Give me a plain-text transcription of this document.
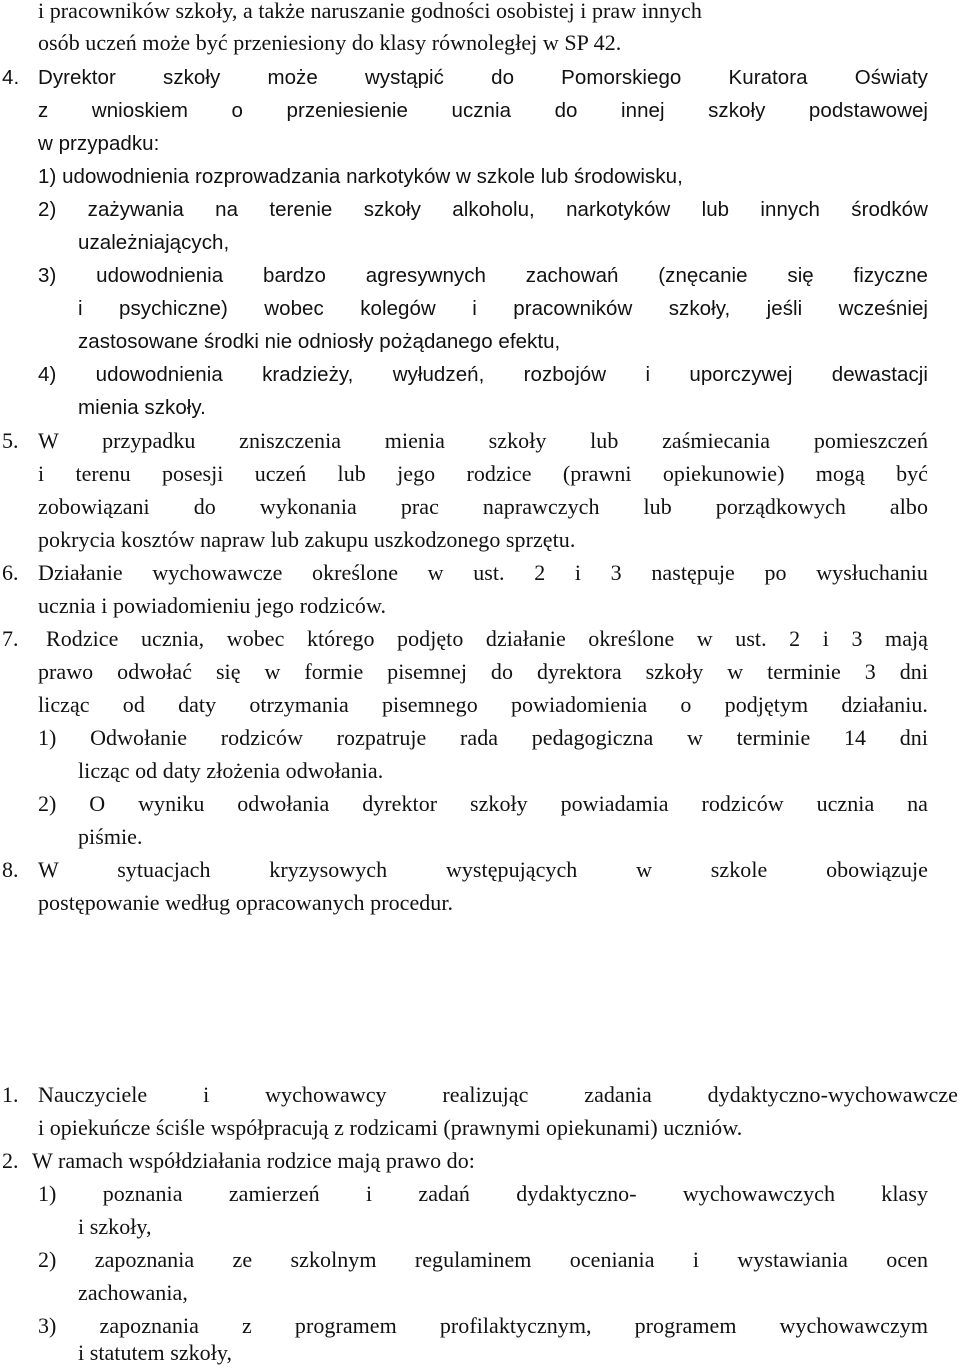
i pracowników szkoły, a także naruszanie godności osobistej i praw innych
osób uczeń może być przeniesiony do klasy równoległej w SP 42.
4. Dyrektor szkoły może wystąpić do Pomorskiego Kuratora Oświaty
z wnioskiem o przeniesienie ucznia do innej szkoły podstawowej
w przypadku:
1) udowodnienia rozprowadzania narkotyków w szkole lub środowisku,
2) zażywania na terenie szkoły alkoholu, narkotyków lub innych środków
uzależniających,
3) udowodnienia bardzo agresywnych zachowań (znęcanie się fizyczne
i psychiczne) wobec kolegów i pracowników szkoły, jeśli wcześniej
zastosowane środki nie odniosły pożądanego efektu,
4) udowodnienia kradzieży, wyłudzeń, rozbojów i uporczywej dewastacji
mienia szkoły.
5. W przypadku zniszczenia mienia szkoły lub zaśmiecania pomieszczeń
i terenu posesji uczeń lub jego rodzice (prawni opiekunowie) mogą być
zobowiązani do wykonania prac naprawczych lub porządkowych albo
pokrycia kosztów napraw lub zakupu uszkodzonego sprzętu.
6. Działanie wychowawcze określone w ust. 2 i 3 następuje po wysłuchaniu
ucznia i powiadomieniu jego rodziców.
7. Rodzice ucznia, wobec którego podjęto działanie określone w ust. 2 i 3 mają
prawo odwołać się w formie pisemnej do dyrektora szkoły w terminie 3 dni
licząc od daty otrzymania pisemnego powiadomienia o podjętym działaniu.
1) Odwołanie rodziców rozpatruje rada pedagogiczna w terminie 14 dni
licząc od daty złożenia odwołania.
2) O wyniku odwołania dyrektor szkoły powiadamia rodziców ucznia na
piśmie.
8. W sytuacjach kryzysowych występujących w szkole obowiązuje
postępowanie według opracowanych procedur.
1. Nauczyciele i wychowawcy realizując zadania dydaktyczno-wychowawcze
i opiekuńcze ściśle współpracują z rodzicami (prawnymi opiekunami) uczniów.
2. W ramach współdziałania rodzice mają prawo do:
1) poznania zamierzeń i zadań dydaktyczno- wychowawczych klasy
i szkoły,
2) zapoznania ze szkolnym regulaminem oceniania i wystawiania ocen
zachowania,
3) zapoznania z programem profilaktycznym, programem wychowawczym
i statutem szkoły,
